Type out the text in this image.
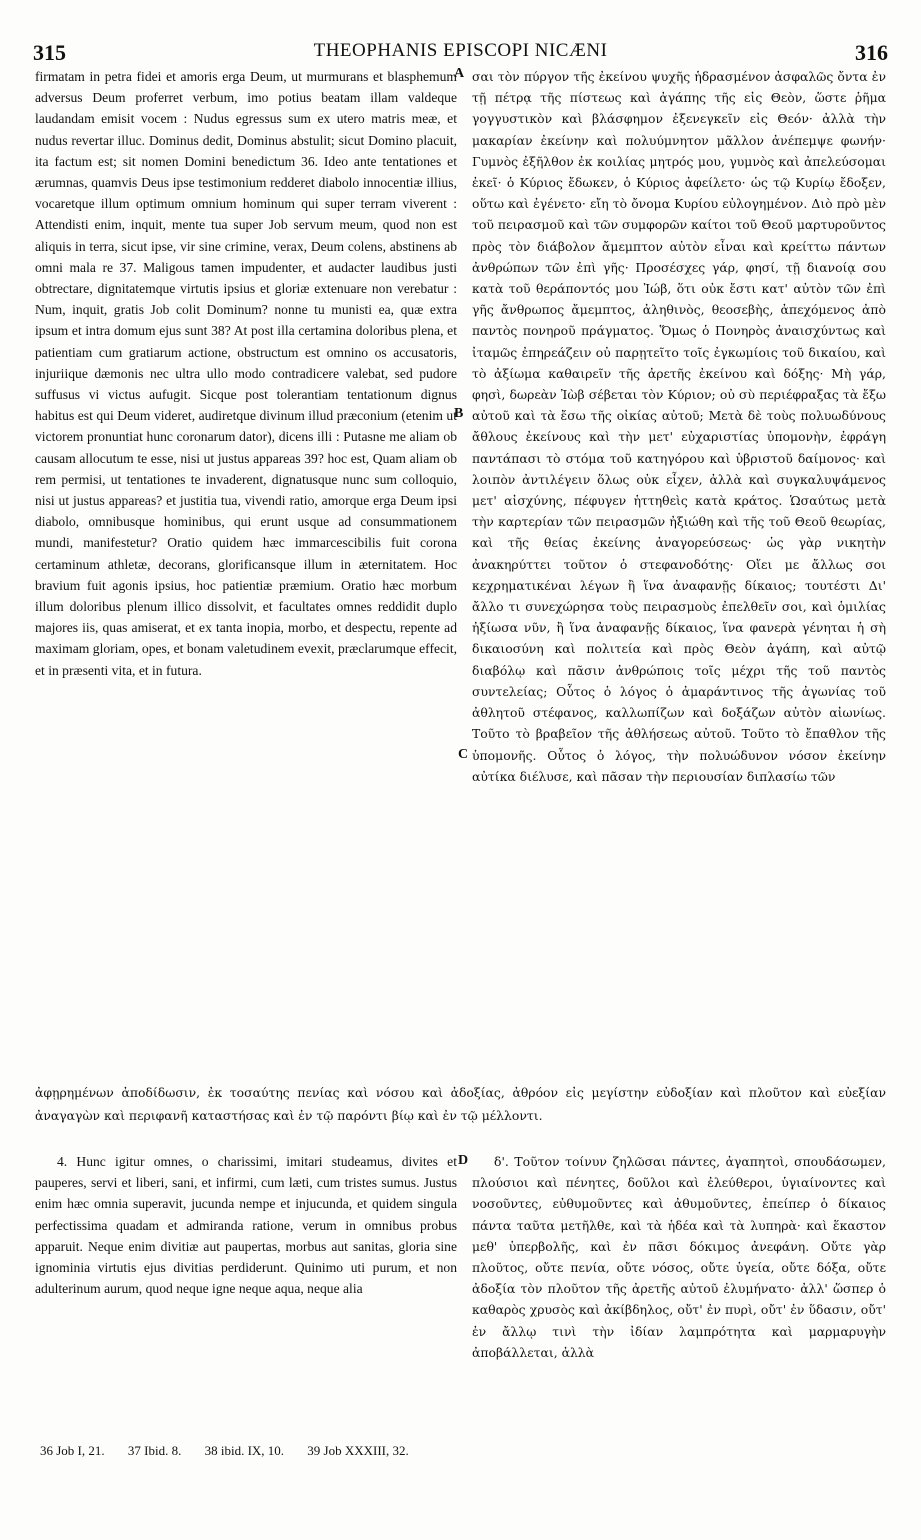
315	THEOPHANIS EPISCOPI NICÆNI	316
A
B
C
D
firmatam in petra fidei et amoris erga Deum, ut murmurans et blasphemum adversus Deum proferret verbum, imo potius beatam illam valdeque laudandam emisit vocem : Nudus egressus sum ex utero matris meæ, et nudus revertar illuc. Dominus dedit, Dominus abstulit; sicut Domino placuit, ita factum est; sit nomen Domini benedictum 36. Ideo ante tentationes et ærumnas, quamvis Deus ipse testimonium redderet diabolo innocentiæ illius, vocaretque illum optimum omnium hominum qui super terram viverent : Attendisti enim, inquit, mente tua super Job servum meum, quod non est aliquis in terra, sicut ipse, vir sine crimine, verax, Deum colens, abstinens ab omni mala re 37. Maligous tamen impudenter, et audacter laudibus justi obtrectare, dignitatemque virtutis ipsius et gloriæ extenuare non verebatur : Num, inquit, gratis Job colit Dominum? nonne tu munisti ea, quæ extra ipsum et intra domum ejus sunt 38? At post illa certamina doloribus plena, et patientiam cum gratiarum actione, obstructum est omnino os accusatoris, injuriique dæmonis nec ultra ullo modo contradicere valebat, sed pudore suffusus vi victus aufugit. Sicque post tolerantiam tentationum dignus habitus est qui Deum videret, audiretque divinum illud præconium (etenim ut victorem pronuntiat hunc coronarum dator), dicens illi : Putasne me aliam ob causam allocutum te esse, nisi ut justus appareas 39? hoc est, Quam aliam ob rem permisi, ut tentationes te invaderent, dignatusque nunc sum colloquio, nisi ut justus appareas? et justitia tua, vivendi ratio, amorque erga Deum ipsi diabolo, omnibusque hominibus, qui erunt usque ad consummationem mundi, manifestetur? Oratio quidem hæc immarcescibilis fuit corona certaminum athletæ, decorans, glorificansque illum in æternitatem. Hoc bravium fuit agonis ipsius, hoc patientiæ præmium. Oratio hæc morbum illum doloribus plenum illico dissolvit, et facultates omnes reddidit duplo majores iis, quas amiserat, et ex tanta inopia, morbo, et despectu, repente ad maximam gloriam, opes, et bonam valetudinem evexit, præclarumque effecit, et in præsenti vita, et in futura.
σαι τὸν πύργον τῆς ἐκείνου ψυχῆς ἡδρασμένον ἀσφαλῶς ὄντα ἐν τῇ πέτρᾳ τῆς πίστεως καὶ ἀγάπης τῆς εἰς Θεὸν, ὥστε ῥῆμα γογγυστικὸν καὶ βλάσφημον ἐξενεγκεῖν εἰς Θεόν· ἀλλὰ τὴν μακαρίαν ἐκείνην καὶ πολυύμνητον μᾶλλον ἀνέπεμψε φωνήν· Γυμνὸς ἐξῆλθον ἐκ κοιλίας μητρός μου, γυμνὸς καὶ ἀπελεύσομαι ἐκεῖ· ὁ Κύριος ἔδωκεν, ὁ Κύριος ἀφείλετο· ὡς τῷ Κυρίῳ ἔδοξεν, οὕτω καὶ ἐγένετο· εἴη τὸ ὄνομα Κυρίου εὐλογημένον. Διὸ πρὸ μὲν τοῦ πειρασμοῦ καὶ τῶν συμφορῶν καίτοι τοῦ Θεοῦ μαρτυροῦντος πρὸς τὸν διάβολον ἄμεμπτον αὐτὸν εἶναι καὶ κρείττω πάντων ἀνθρώπων τῶν ἐπὶ γῆς· Προσέσχες γάρ, φησί, τῇ διανοίᾳ σου κατὰ τοῦ θεράποντός μου Ἰώβ, ὅτι οὐκ ἔστι κατ' αὐτὸν τῶν ἐπὶ γῆς ἄνθρωπος ἄμεμπτος, ἀληθινὸς, θεοσεβὴς, ἀπεχόμενος ἀπὸ παντὸς πονηροῦ πράγματος. Ὅμως ὁ Πονηρὸς ἀναισχύντως καὶ ἰταμῶς ἐπηρεάζειν οὐ παρῃτεῖτο τοῖς ἐγκωμίοις τοῦ δικαίου, καὶ τὸ ἀξίωμα καθαιρεῖν τῆς ἀρετῆς ἐκείνου καὶ δόξης· Μὴ γάρ, φησὶ, δωρεὰν Ἰὼβ σέβεται τὸν Κύριον; οὐ σὺ περιέφραξας τὰ ἔξω αὐτοῦ καὶ τὰ ἔσω τῆς οἰκίας αὐτοῦ; Μετὰ δὲ τοὺς πολυωδύνους ἄθλους ἐκείνους καὶ τὴν μετ' εὐχαριστίας ὑπομονὴν, ἐφράγη παντάπασι τὸ στόμα τοῦ κατηγόρου καὶ ὑβριστοῦ δαίμονος· καὶ λοιπὸν ἀντιλέγειν ὅλως οὐκ εἶχεν, ἀλλὰ καὶ συγκαλυψάμενος μετ' αἰσχύνης, πέφυγεν ἡττηθεὶς κατὰ κράτος. Ὡσαύτως μετὰ τὴν καρτερίαν τῶν πειρασμῶν ἠξιώθη καὶ τῆς τοῦ Θεοῦ θεωρίας, καὶ τῆς θείας ἐκείνης ἀναγορεύσεως· ὡς γὰρ νικητὴν ἀνακηρύττει τοῦτον ὁ στεφανοδότης· Οἴει με ἄλλως σοι κεχρηματικέναι λέγων ἢ ἵνα ἀναφανῇς δίκαιος; τουτέστι Δι' ἄλλο τι συνεχώρησα τοὺς πειρασμοὺς ἐπελθεῖν σοι, καὶ ὁμιλίας ἠξίωσα νῦν, ἢ ἵνα ἀναφανῇς δίκαιος, ἵνα φανερὰ γένηται ἡ σὴ δικαιοσύνη καὶ πολιτεία καὶ πρὸς Θεὸν ἀγάπη, καὶ αὐτῷ διαβόλῳ καὶ πᾶσιν ἀνθρώποις τοῖς μέχρι τῆς τοῦ παντὸς συντελείας; Οὗτος ὁ λόγος ὁ ἀμαράντινος τῆς ἀγωνίας τοῦ ἀθλητοῦ στέφανος, καλλωπίζων καὶ δοξάζων αὐτὸν αἰωνίως. Τοῦτο τὸ βραβεῖον τῆς ἀθλήσεως αὐτοῦ. Τοῦτο τὸ ἔπαθλον τῆς ὑπομονῆς. Οὗτος ὁ λόγος, τὴν πολυώδυνον νόσον ἐκείνην αὐτίκα διέλυσε, καὶ πᾶσαν τὴν περιουσίαν διπλασίω τῶν
ἀφῃρημένων ἀποδίδωσιν, ἐκ τοσαύτης πενίας καὶ νόσου καὶ ἀδοξίας, ἀθρόον εἰς μεγίστην εὐδοξίαν καὶ πλοῦτον καὶ εὐεξίαν ἀναγαγὼν καὶ περιφανῆ καταστήσας καὶ ἐν τῷ παρόντι βίῳ καὶ ἐν τῷ μέλλοντι.
4. Hunc igitur omnes, o charissimi, imitari studeamus, divites et pauperes, servi et liberi, sani, et infirmi, cum læti, cum tristes sumus. Justus enim hæc omnia superavit, jucunda nempe et injucunda, et quidem singula perfectissima quadam et admiranda ratione, verum in omnibus probus apparuit. Neque enim divitiæ aut paupertas, morbus aut sanitas, gloria sine ignominia virtutis ejus divitias perdiderunt. Quinimo uti purum, et non adulterinum aurum, quod neque igne neque aqua, neque alia
δ'. Τοῦτον τοίνυν ζηλῶσαι πάντες, ἀγαπητοὶ, σπουδάσωμεν, πλούσιοι καὶ πένητες, δοῦλοι καὶ ἐλεύθεροι, ὑγιαίνοντες καὶ νοσοῦντες, εὐθυμοῦντες καὶ ἀθυμοῦντες, ἐπείπερ ὁ δίκαιος πάντα ταῦτα μετῆλθε, καὶ τὰ ἡδέα καὶ τὰ λυπηρὰ· καὶ ἕκαστον μεθ' ὑπερβολῆς, καὶ ἐν πᾶσι δόκιμος ἀνεφάνη. Οὔτε γὰρ πλοῦτος, οὔτε πενία, οὔτε νόσος, οὔτε ὑγεία, οὔτε δόξα, οὔτε ἀδοξία τὸν πλοῦτον τῆς ἀρετῆς αὐτοῦ ἐλυμήνατο· ἀλλ' ὥσπερ ὁ καθαρὸς χρυσὸς καὶ ἀκίβδηλος, οὔτ' ἐν πυρὶ, οὔτ' ἐν ὕδασιν, οὔτ' ἐν ἄλλῳ τινὶ τὴν ἰδίαν λαμπρότητα καὶ μαρμαρυγὴν ἀποβάλλεται, ἀλλὰ
36 Job I, 21. 37 Ibid. 8. 38 ibid. IX, 10. 39 Job XXXIII, 32.
